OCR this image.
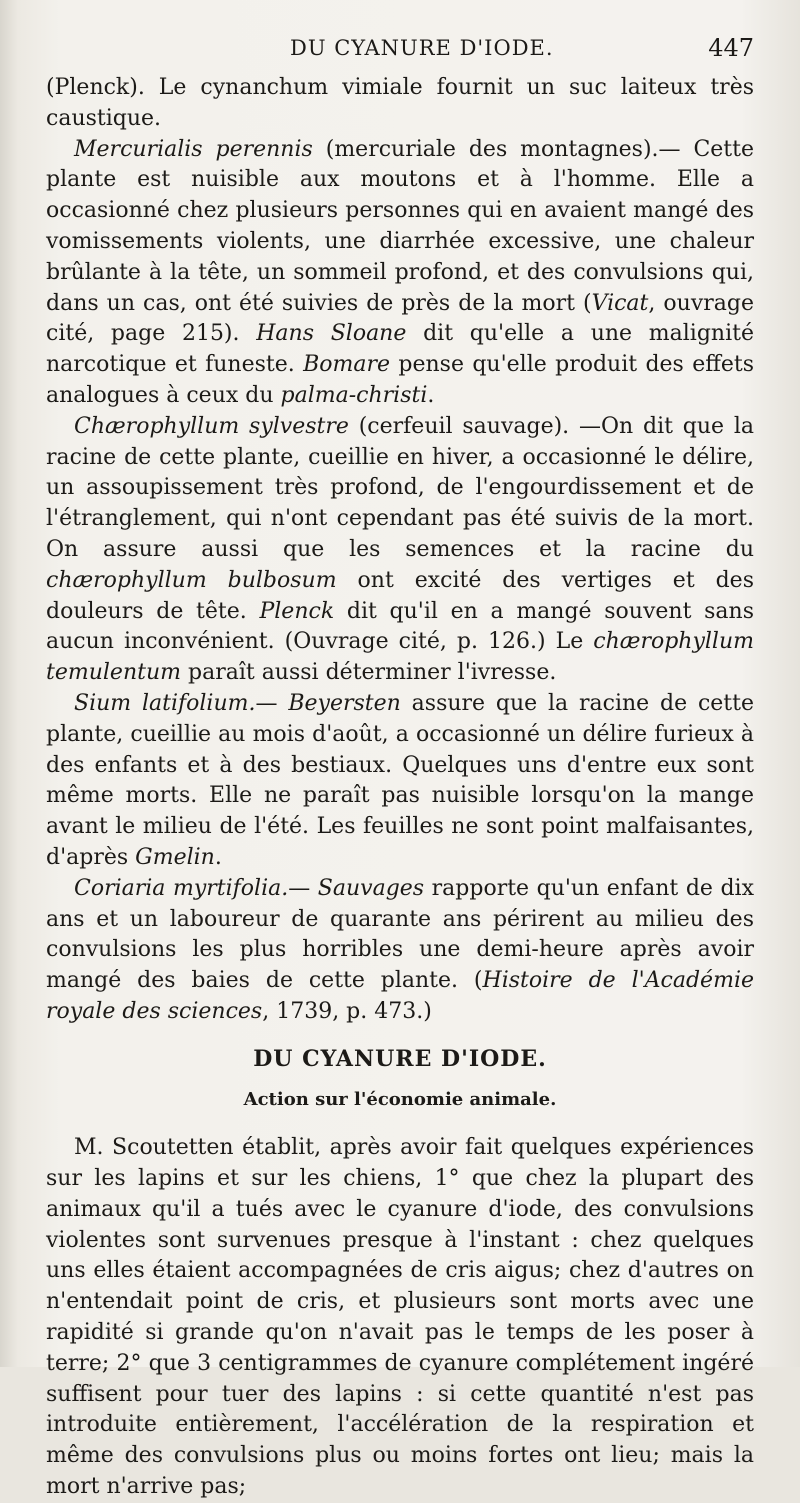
DU CYANURE D'IODE.	447

(Plenck). Le cynanchum vimiale fournit un suc laiteux très caustique.

Mercurialis perennis (mercuriale des montagnes).— Cette plante est nuisible aux moutons et à l'homme. Elle a occasionné chez plusieurs personnes qui en avaient mangé des vomissements violents, une diarrhée excessive, une chaleur brûlante à la tête, un sommeil profond, et des convulsions qui, dans un cas, ont été suivies de près de la mort (Vicat, ouvrage cité, page 215). Hans Sloane dit qu'elle a une malignité narcotique et funeste. Bomare pense qu'elle produit des effets analogues à ceux du palma-christi.

Chærophyllum sylvestre (cerfeuil sauvage). —On dit que la racine de cette plante, cueillie en hiver, a occasionné le délire, un assoupissement très profond, de l'engourdissement et de l'étranglement, qui n'ont cependant pas été suivis de la mort. On assure aussi que les semences et la racine du chærophyllum bulbosum ont excité des vertiges et des douleurs de tête. Plenck dit qu'il en a mangé souvent sans aucun inconvénient. (Ouvrage cité, p. 126.) Le chærophyllum temulentum paraît aussi déterminer l'ivresse.

Sium latifolium.— Beyersten assure que la racine de cette plante, cueillie au mois d'août, a occasionné un délire furieux à des enfants et à des bestiaux. Quelques uns d'entre eux sont même morts. Elle ne paraît pas nuisible lorsqu'on la mange avant le milieu de l'été. Les feuilles ne sont point malfaisantes, d'après Gmelin.

Coriaria myrtifolia.— Sauvages rapporte qu'un enfant de dix ans et un laboureur de quarante ans périrent au milieu des convulsions les plus horribles une demi-heure après avoir mangé des baies de cette plante. (Histoire de l'Académie royale des sciences, 1739, p. 473.)

DU CYANURE D'IODE.
Action sur l'économie animale.

M. Scoutetten établit, après avoir fait quelques expériences sur les lapins et sur les chiens, 1° que chez la plupart des animaux qu'il a tués avec le cyanure d'iode, des convulsions violentes sont survenues presque à l'instant : chez quelques uns elles étaient accompagnées de cris aigus; chez d'autres on n'entendait point de cris, et plusieurs sont morts avec une rapidité si grande qu'on n'avait pas le temps de les poser à terre; 2° que 3 centigrammes de cyanure complétement ingéré suffisent pour tuer des lapins : si cette quantité n'est pas introduite entièrement, l'accélération de la respiration et même des convulsions plus ou moins fortes ont lieu; mais la mort n'arrive pas;
